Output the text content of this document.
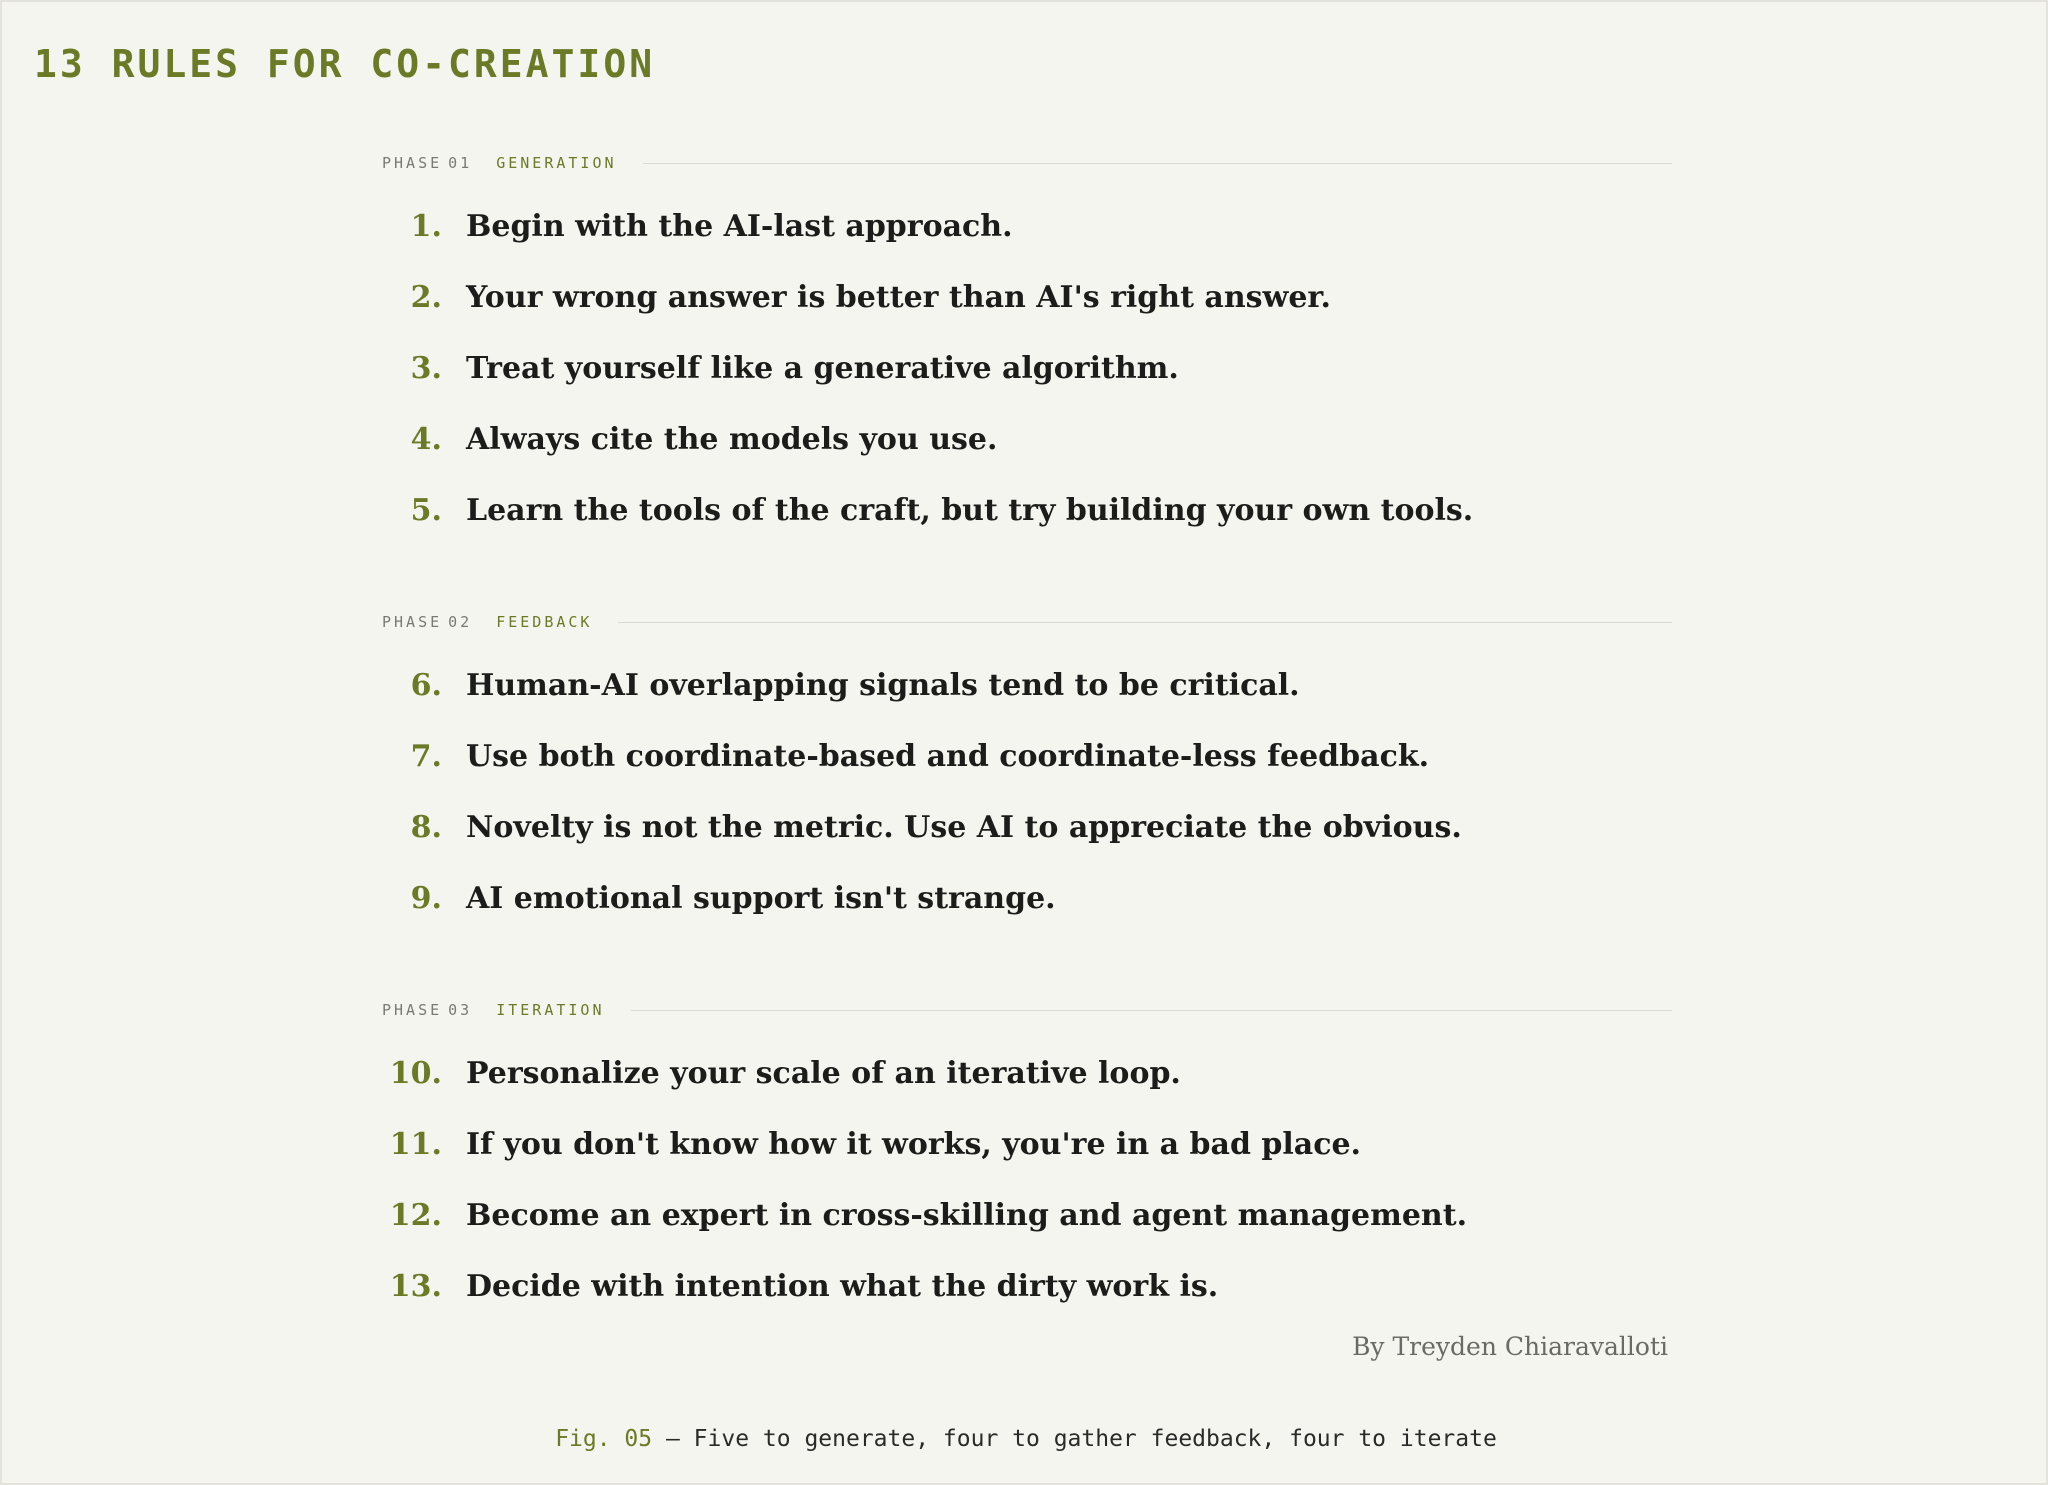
13 RULES FOR CO-CREATION
PHASE 01 GENERATION
1. Begin with the AI-last approach.
2. Your wrong answer is better than AI's right answer.
3. Treat yourself like a generative algorithm.
4. Always cite the models you use.
5. Learn the tools of the craft, but try building your own tools.
PHASE 02 FEEDBACK
6. Human-AI overlapping signals tend to be critical.
7. Use both coordinate-based and coordinate-less feedback.
8. Novelty is not the metric. Use AI to appreciate the obvious.
9. AI emotional support isn't strange.
PHASE 03 ITERATION
10. Personalize your scale of an iterative loop.
11. If you don't know how it works, you're in a bad place.
12. Become an expert in cross-skilling and agent management.
13. Decide with intention what the dirty work is.
By Treyden Chiaravalloti
Fig. 05 — Five to generate, four to gather feedback, four to iterate
